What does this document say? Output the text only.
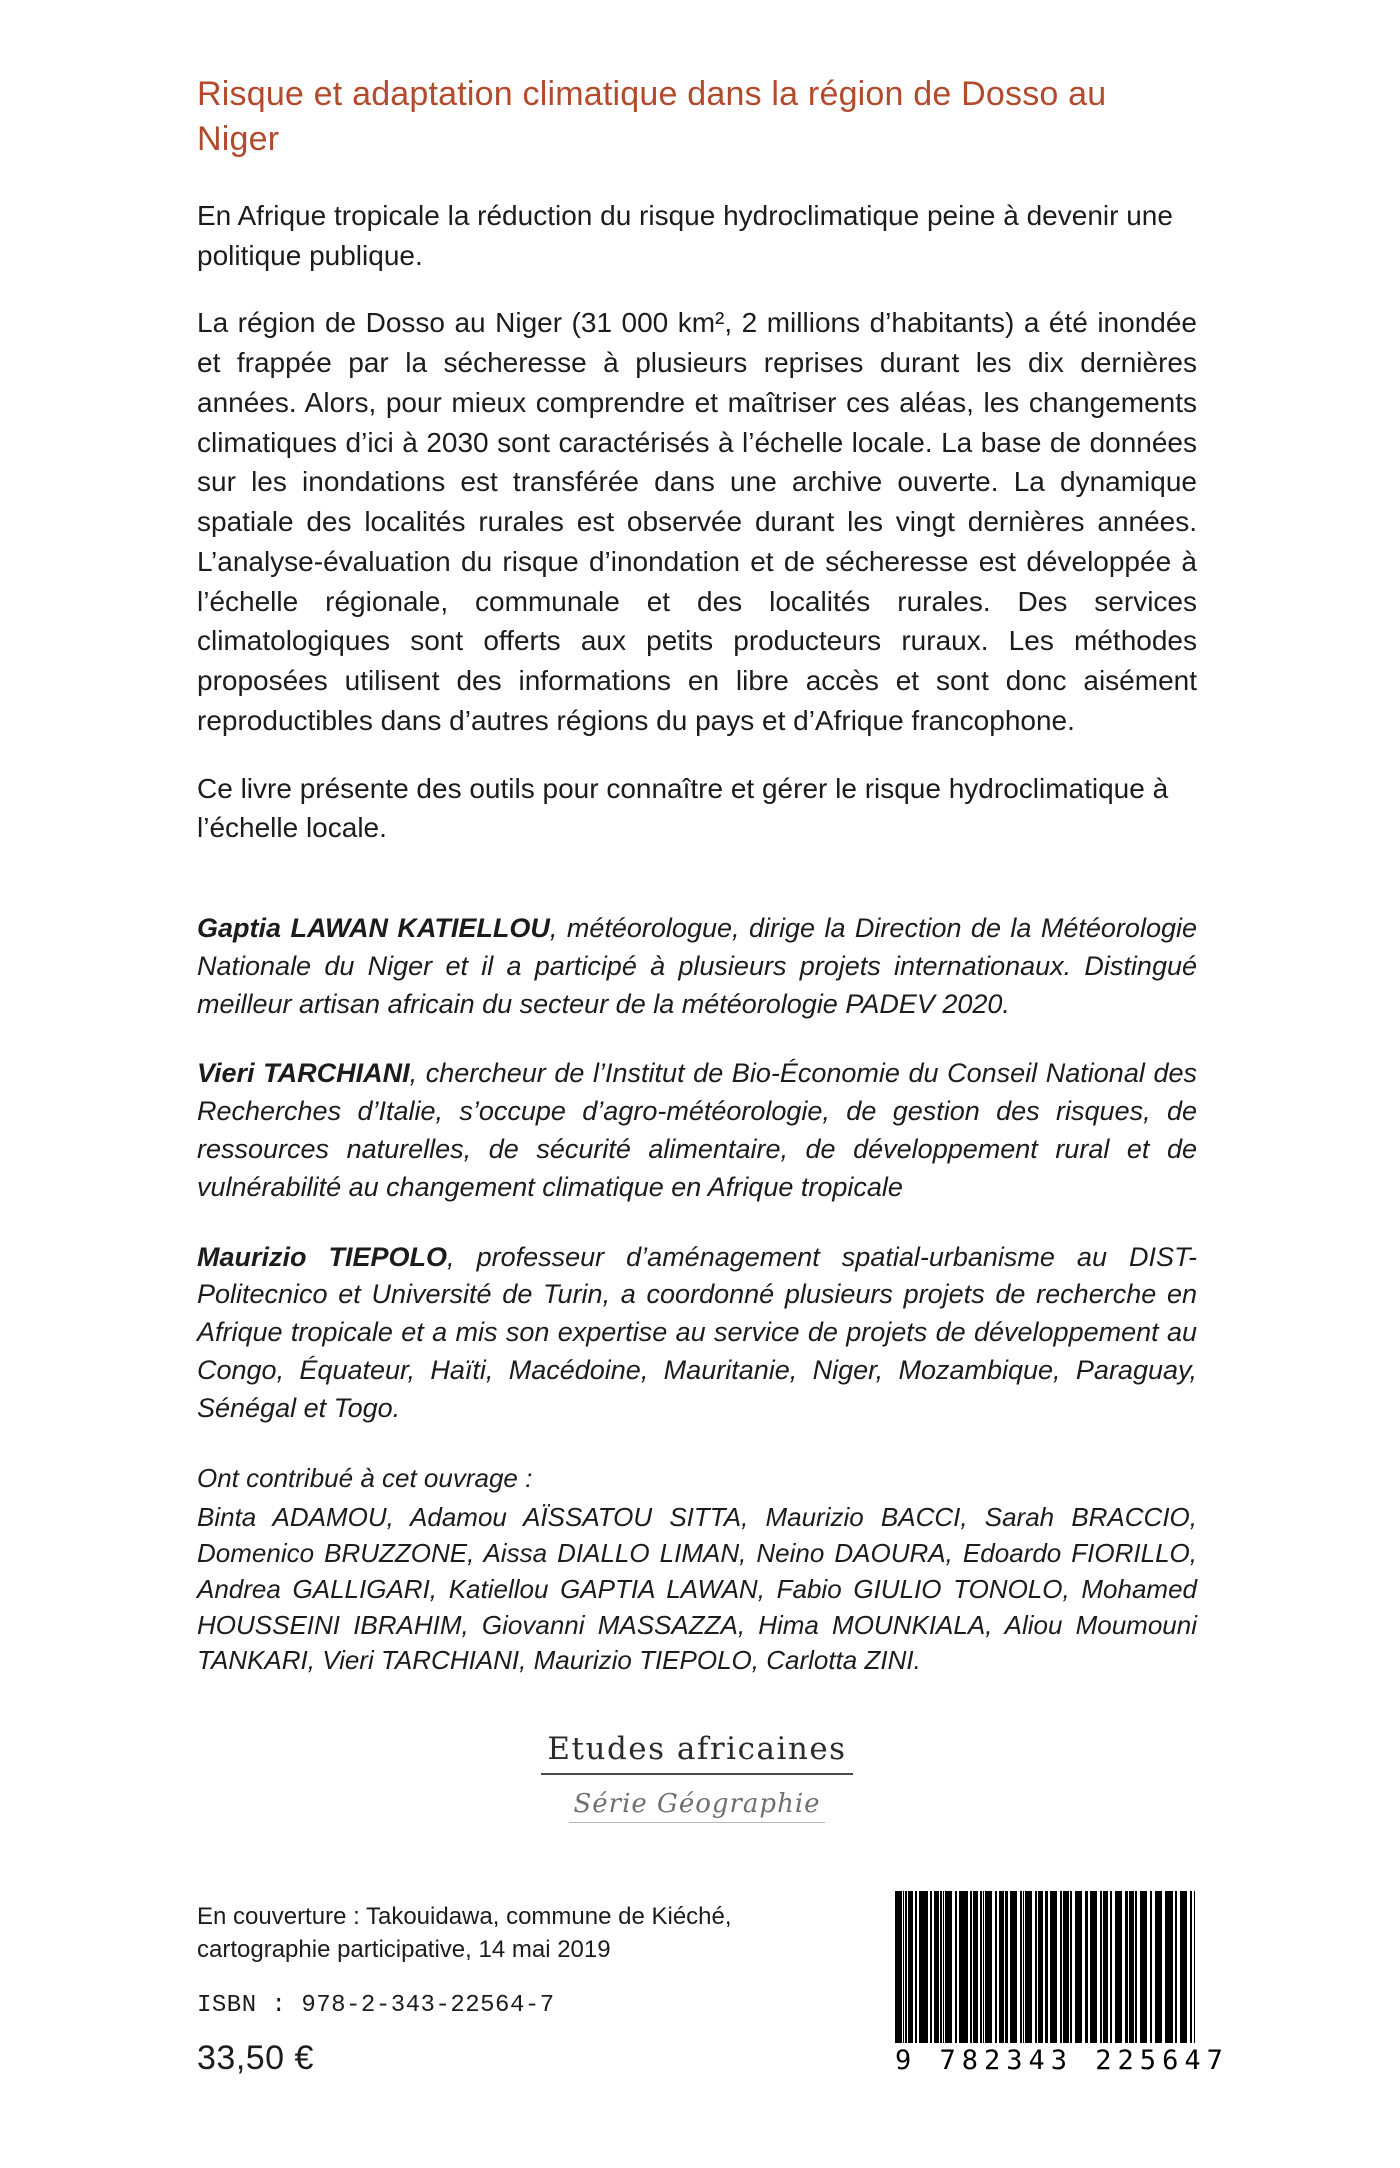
Risque et adaptation climatique dans la région de Dosso au Niger

En Afrique tropicale la réduction du risque hydroclimatique peine à devenir une politique publique.

La région de Dosso au Niger (31 000 km², 2 millions d’habitants) a été inondée et frappée par la sécheresse à plusieurs reprises durant les dix dernières années. Alors, pour mieux comprendre et maîtriser ces aléas, les changements climatiques d’ici à 2030 sont caractérisés à l’échelle locale. La base de données sur les inondations est transférée dans une archive ouverte. La dynamique spatiale des localités rurales est observée durant les vingt dernières années. L’analyse-évaluation du risque d’inondation et de sécheresse est développée à l’échelle régionale, communale et des localités rurales. Des services climatologiques sont offerts aux petits producteurs ruraux. Les méthodes proposées utilisent des informations en libre accès et sont donc aisément reproductibles dans d’autres régions du pays et d’Afrique francophone.

Ce livre présente des outils pour connaître et gérer le risque hydroclimatique à l’échelle locale.

Gaptia LAWAN KATIELLOU, météorologue, dirige la Direction de la Météorologie Nationale du Niger et il a participé à plusieurs projets internationaux. Distingué meilleur artisan africain du secteur de la météorologie PADEV 2020.

Vieri TARCHIANI, chercheur de l’Institut de Bio-Économie du Conseil National des Recherches d’Italie, s’occupe d’agro-météorologie, de gestion des risques, de ressources naturelles, de sécurité alimentaire, de développement rural et de vulnérabilité au changement climatique en Afrique tropicale

Maurizio TIEPOLO, professeur d’aménagement spatial-urbanisme au DIST-Politecnico et Université de Turin, a coordonné plusieurs projets de recherche en Afrique tropicale et a mis son expertise au service de projets de développement au Congo, Équateur, Haïti, Macédoine, Mauritanie, Niger, Mozambique, Paraguay, Sénégal et Togo.

Ont contribué à cet ouvrage :

Binta ADAMOU, Adamou AÏSSATOU SITTA, Maurizio BACCI, Sarah BRACCIO, Domenico BRUZZONE, Aissa DIALLO LIMAN, Neino DAOURA, Edoardo FIORILLO, Andrea GALLIGARI, Katiellou GAPTIA LAWAN, Fabio GIULIO TONOLO, Mohamed HOUSSEINI IBRAHIM, Giovanni MASSAZZA, Hima MOUNKIALA, Aliou Moumouni TANKARI, Vieri TARCHIANI, Maurizio TIEPOLO, Carlotta ZINI.

Etudes africaines
Série Géographie

En couverture : Takouidawa, commune de Kiéché,

cartographie participative, 14 mai 2019

ISBN : 978-2-343-22564-7

33,50 €	9 782343 225647
